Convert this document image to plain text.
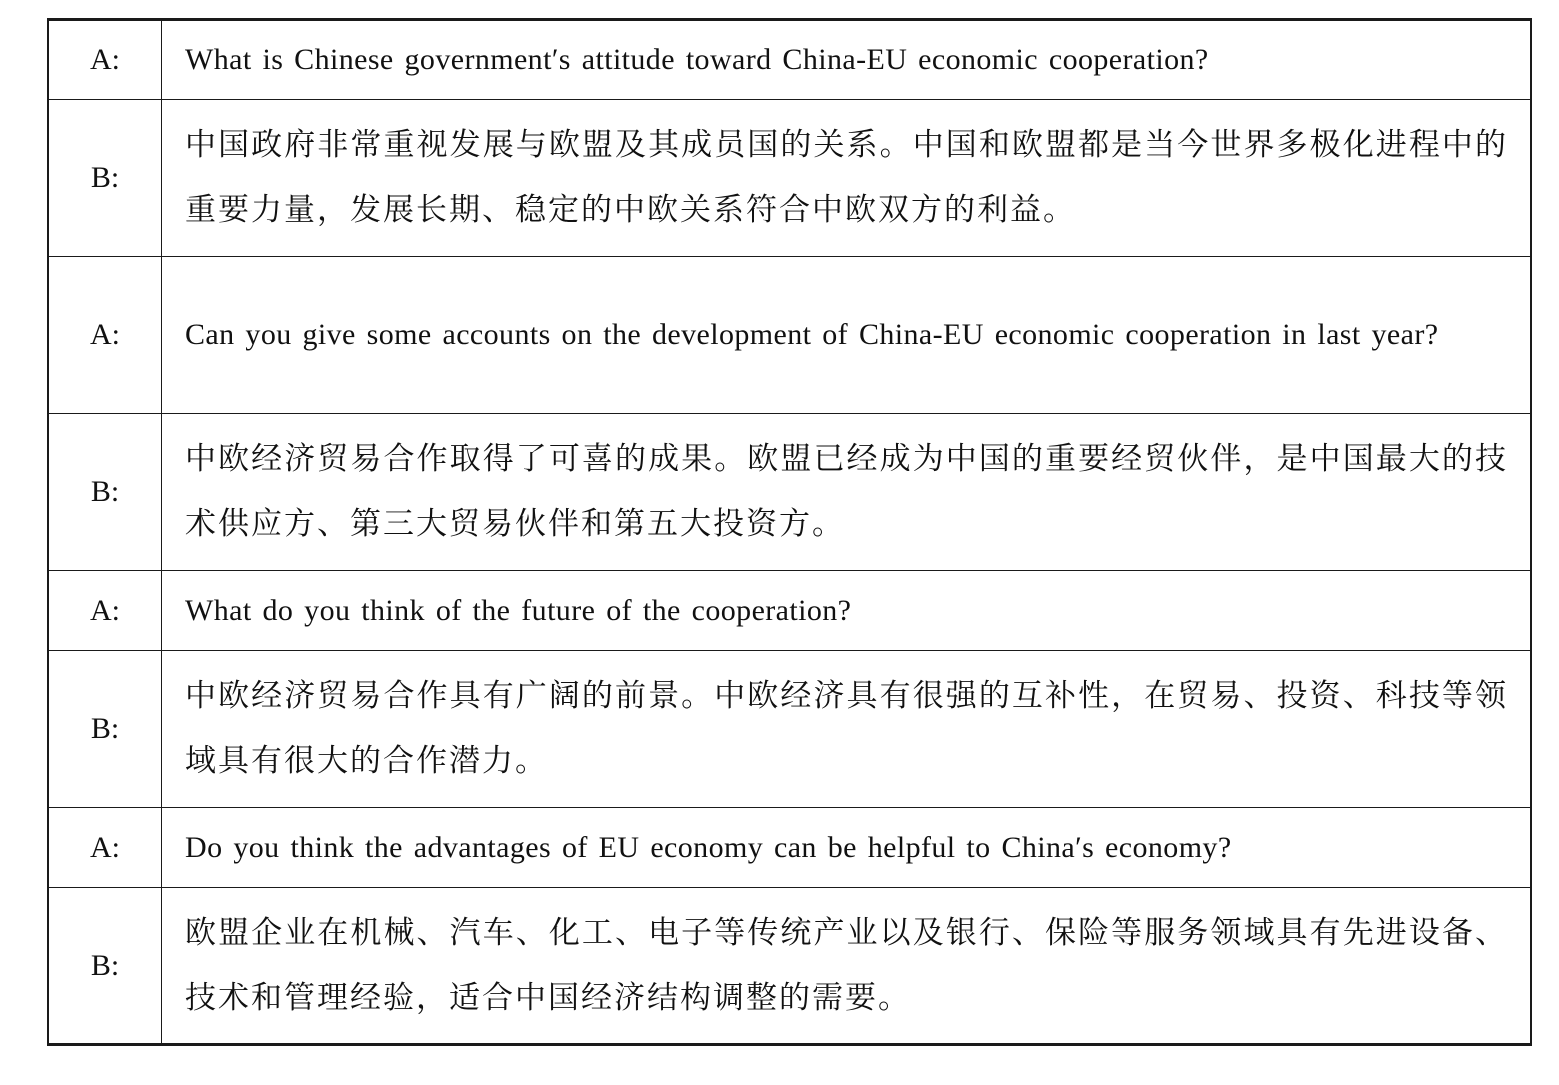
A:	What is Chinese government′s attitude toward China-EU economic cooperation?
B:	中国政府非常重视发展与欧盟及其成员国的关系。中国和欧盟都是当今世界多极化进程中的重要力量，发展长期、稳定的中欧关系符合中欧双方的利益。
A:	Can you give some accounts on the development of China-EU economic cooperation in last year?
B:	中欧经济贸易合作取得了可喜的成果。欧盟已经成为中国的重要经贸伙伴，是中国最大的技术供应方、第三大贸易伙伴和第五大投资方。
A:	What do you think of the future of the cooperation?
B:	中欧经济贸易合作具有广阔的前景。中欧经济具有很强的互补性，在贸易、投资、科技等领域具有很大的合作潜力。
A:	Do you think the advantages of EU economy can be helpful to China′s economy?
B:	欧盟企业在机械、汽车、化工、电子等传统产业以及银行、保险等服务领域具有先进设备、技术和管理经验，适合中国经济结构调整的需要。
